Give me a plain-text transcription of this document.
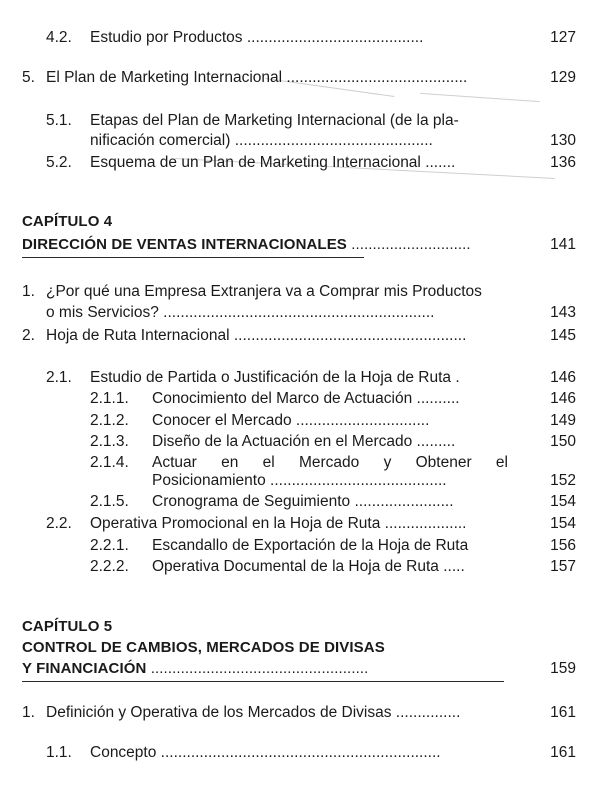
4.2. Estudio por Productos .........................................	127
5. El Plan de Marketing Internacional ..........................................	129
5.1. Etapas del Plan de Marketing Internacional (de la pla-
nificación comercial) ..............................................	130
5.2. Esquema de un Plan de Marketing Internacional .......	136
CAPÍTULO 4
DIRECCIÓN DE VENTAS INTERNACIONALES ............................	141
1. ¿Por qué una Empresa Extranjera va a Comprar mis Productos
o mis Servicios? ...............................................................	143
2. Hoja de Ruta Internacional ......................................................	145
2.1. Estudio de Partida o Justificación de la Hoja de Ruta .	146
2.1.1. Conocimiento del Marco de Actuación ..........	146
2.1.2. Conocer el Mercado ...............................	149
2.1.3. Diseño de la Actuación en el Mercado .........	150
2.1.4. Actuar en el Mercado y Obtener el
Posicionamiento .........................................	152
2.1.5. Cronograma de Seguimiento .......................	154
2.2. Operativa Promocional en la Hoja de Ruta ...................	154
2.2.1. Escandallo de Exportación de la Hoja de Ruta	156
2.2.2. Operativa Documental de la Hoja de Ruta .....	157
CAPÍTULO 5
CONTROL DE CAMBIOS, MERCADOS DE DIVISAS
Y FINANCIACIÓN ...................................................	159
1. Definición y Operativa de los Mercados de Divisas ...............	161
1.1. Concepto .................................................................	161
